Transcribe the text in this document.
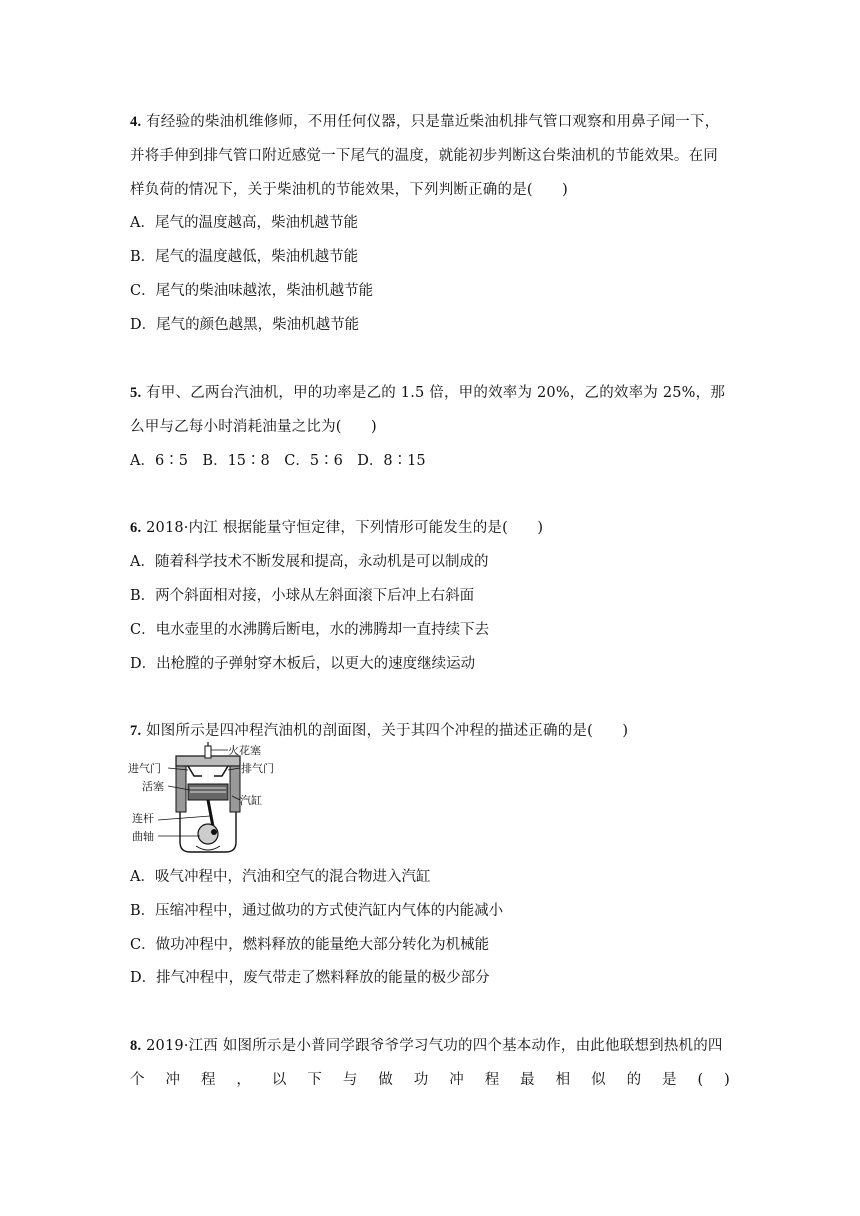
4. 有经验的柴油机维修师，不用任何仪器，只是靠近柴油机排气管口观察和用鼻子闻一下，
并将手伸到排气管口附近感觉一下尾气的温度，就能初步判断这台柴油机的节能效果。在同
样负荷的情况下，关于柴油机的节能效果，下列判断正确的是(　　)
A．尾气的温度越高，柴油机越节能
B．尾气的温度越低，柴油机越节能
C．尾气的柴油味越浓，柴油机越节能
D．尾气的颜色越黑，柴油机越节能
5. 有甲、乙两台汽油机，甲的功率是乙的 1.5 倍，甲的效率为 20%，乙的效率为 25%，那
么甲与乙每小时消耗油量之比为(　　)
A．6∶5　B．15∶8　C．5∶6　D．8∶15
6. 2018·内江 根据能量守恒定律，下列情形可能发生的是(　　)
A．随着科学技术不断发展和提高，永动机是可以制成的
B．两个斜面相对接，小球从左斜面滚下后冲上右斜面
C．电水壶里的水沸腾后断电，水的沸腾却一直持续下去
D．出枪膛的子弹射穿木板后，以更大的速度继续运动
7. 如图所示是四冲程汽油机的剖面图，关于其四个冲程的描述正确的是(　　)
火花塞
进气门	排气门
活塞
汽缸
连杆
曲轴
A．吸气冲程中，汽油和空气的混合物进入汽缸
B．压缩冲程中，通过做功的方式使汽缸内气体的内能减小
C．做功冲程中，燃料释放的能量绝大部分转化为机械能
D．排气冲程中，废气带走了燃料释放的能量的极少部分
8. 2019·江西 如图所示是小普同学跟爷爷学习气功的四个基本动作，由此他联想到热机的四
个 冲 程 ， 以 下 与 做 功 冲 程 最 相 似 的 是 ( )
